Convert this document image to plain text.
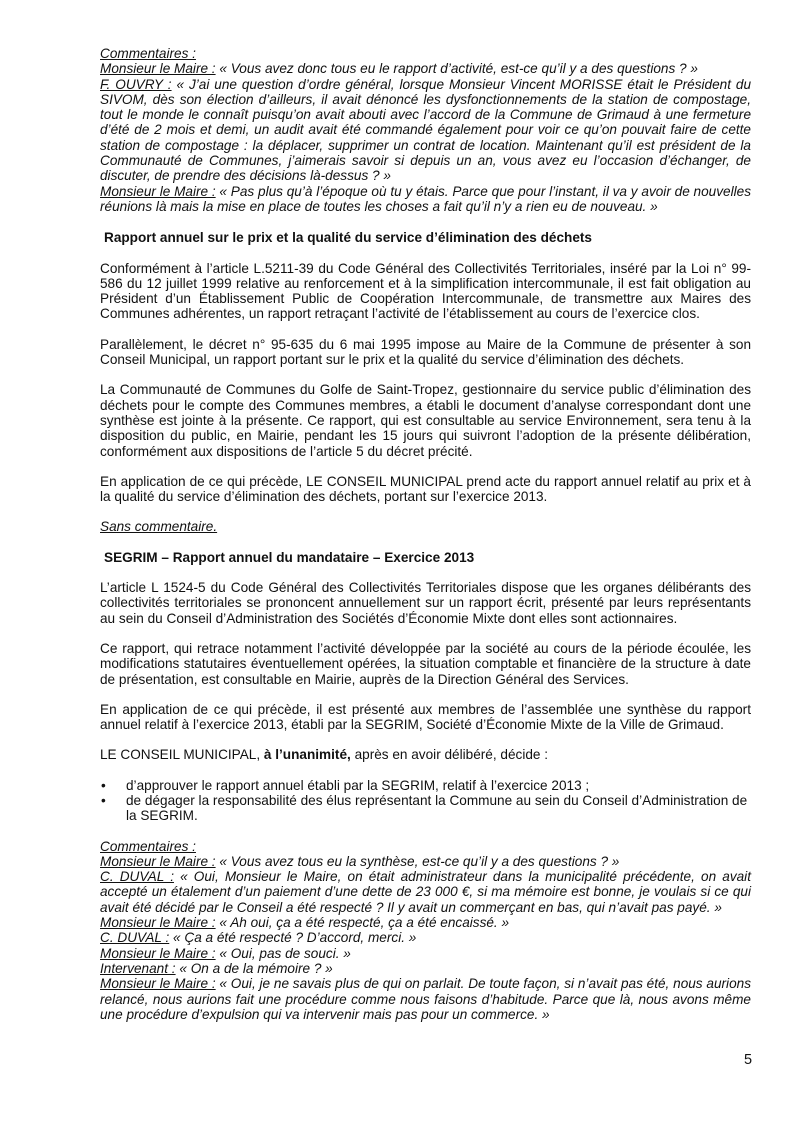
Commentaires :
Monsieur le Maire : « Vous avez donc tous eu le rapport d’activité, est-ce qu’il y a des questions ? »
F. OUVRY : « J’ai une question d’ordre général, lorsque Monsieur Vincent MORISSE était le Président du SIVOM, dès son élection d’ailleurs, il avait dénoncé les dysfonctionnements de la station de compostage, tout le monde le connaît puisqu’on avait abouti avec l’accord de la Commune de Grimaud à une fermeture d’été de 2 mois et demi, un audit avait été commandé également pour voir ce qu’on pouvait faire de cette station de compostage : la déplacer, supprimer un contrat de location. Maintenant qu’il est président de la Communauté de Communes, j’aimerais savoir si depuis un an, vous avez eu l’occasion d’échanger, de discuter, de prendre des décisions là-dessus ? »
Monsieur le Maire : « Pas plus qu’à l’époque où tu y étais. Parce que pour l’instant, il va y avoir de nouvelles réunions là mais la mise en place de toutes les choses a fait qu’il n’y a rien eu de nouveau. »
Rapport annuel sur le prix et la qualité du service d’élimination des déchets
Conformément à l’article L.5211-39 du Code Général des Collectivités Territoriales, inséré par la Loi n° 99-586 du 12 juillet 1999 relative au renforcement et à la simplification intercommunale, il est fait obligation au Président d’un Établissement Public de Coopération Intercommunale, de transmettre aux Maires des Communes adhérentes, un rapport retraçant l’activité de l’établissement au cours de l’exercice clos.
Parallèlement, le décret n° 95-635 du 6 mai 1995 impose au Maire de la Commune de présenter à son Conseil Municipal, un rapport portant sur le prix et la qualité du service d’élimination des déchets.
La Communauté de Communes du Golfe de Saint-Tropez, gestionnaire du service public d’élimination des déchets pour le compte des Communes membres, a établi le document d’analyse correspondant dont une synthèse est jointe à la présente. Ce rapport, qui est consultable au service Environnement, sera tenu à la disposition du public, en Mairie, pendant les 15 jours qui suivront l’adoption de la présente délibération, conformément aux dispositions de l’article 5 du décret précité.
En application de ce qui précède, LE CONSEIL MUNICIPAL prend acte du rapport annuel relatif au prix et à la qualité du service d’élimination des déchets, portant sur l’exercice 2013.
Sans commentaire.
SEGRIM – Rapport annuel du mandataire – Exercice 2013
L’article L 1524-5 du Code Général des Collectivités Territoriales dispose que les organes délibérants des collectivités territoriales se prononcent annuellement sur un rapport écrit, présenté par leurs représentants au sein du Conseil d’Administration des Sociétés d’Économie Mixte dont elles sont actionnaires.
Ce rapport, qui retrace notamment l’activité développée par la société au cours de la période écoulée, les modifications statutaires éventuellement opérées, la situation comptable et financière de la structure à date de présentation, est consultable en Mairie, auprès de la Direction Général des Services.
En application de ce qui précède, il est présenté aux membres de l’assemblée une synthèse du rapport annuel relatif à l’exercice 2013, établi par la SEGRIM, Société d’Économie Mixte de la Ville de Grimaud.
LE CONSEIL MUNICIPAL, à l’unanimité, après en avoir délibéré, décide :
•	d’approuver le rapport annuel établi par la SEGRIM, relatif à l’exercice 2013 ;
•	de dégager la responsabilité des élus représentant la Commune au sein du Conseil d’Administration de la SEGRIM.
Commentaires :
Monsieur le Maire : « Vous avez tous eu la synthèse, est-ce qu’il y a des questions ? »
C. DUVAL : « Oui, Monsieur le Maire, on était administrateur dans la municipalité précédente, on avait accepté un étalement d’un paiement d’une dette de 23 000 €, si ma mémoire est bonne, je voulais si ce qui avait été décidé par le Conseil a été respecté ? Il y avait un commerçant en bas, qui n’avait pas payé. »
Monsieur le Maire : « Ah oui, ça a été respecté, ça a été encaissé. »
C. DUVAL : « Ça a été respecté ? D’accord, merci. »
Monsieur le Maire : « Oui, pas de souci. »
Intervenant : « On a de la mémoire ? »
Monsieur le Maire : « Oui, je ne savais plus de qui on parlait. De toute façon, si n’avait pas été, nous aurions relancé, nous aurions fait une procédure comme nous faisons d’habitude. Parce que là, nous avons même une procédure d’expulsion qui va intervenir mais pas pour un commerce. »
5
